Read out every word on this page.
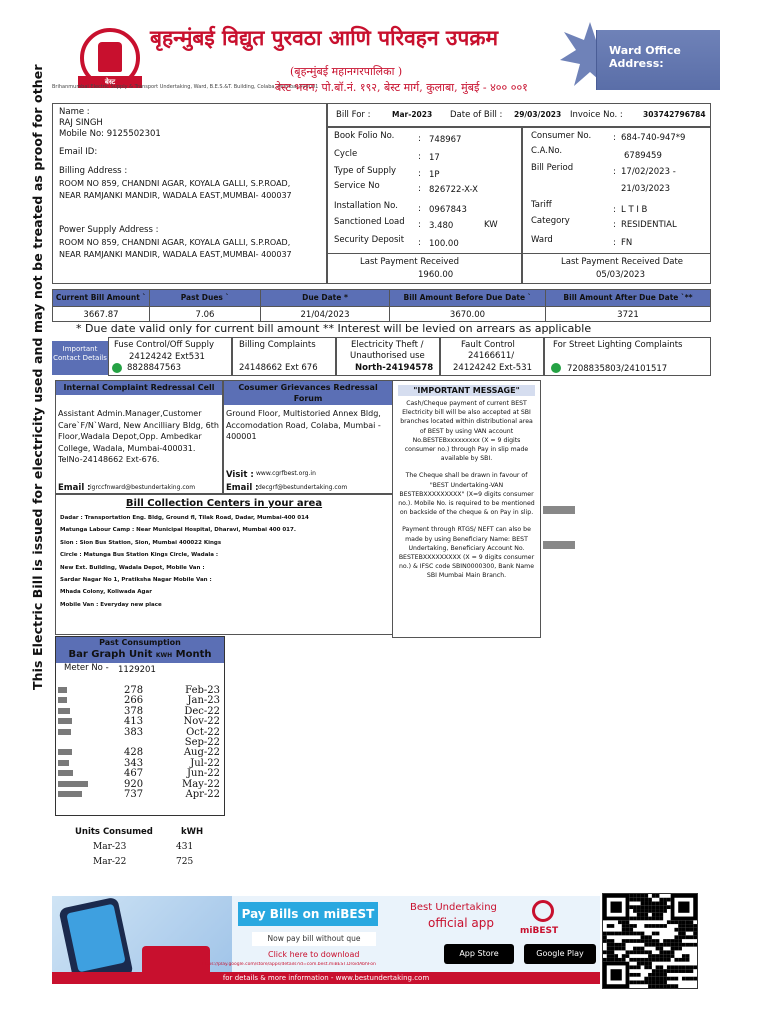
बेस्ट
बृहन्मुंबई विद्युत पुरवठा आणि परिवहन उपक्रम
(बृहन्मुंबई महानगरपालिका )
Brihanmumbai Electric Supply & Transport Undertaking, Ward, B.E.S.&T. Building, Colaba, Mumbai 400001
बेस्ट भवन, पो.बॉ.नं. १९२, बेस्ट मार्ग, कुलाबा, मुंबई - ४०० ००१
Ward Office Address:
This Electric Bill is issued for electricity used and may not be treated as proof for other Name :
RAJ SINGH
Mobile No: 9125502301
Email ID:
Billing Address :
ROOM NO 859, CHANDNI AGAR, KOYALA GALLI, S.P.ROAD,
NEAR RAMJANKI MANDIR, WADALA EAST,MUMBAI- 400037
Power Supply Address :
ROOM NO 859, CHANDNI AGAR, KOYALA GALLI, S.P.ROAD,
NEAR RAMJANKI MANDIR, WADALA EAST,MUMBAI- 400037
Bill For :	Mar-2023 Date of Bill : 29/03/2023 Invoice No. :	303742796784
Book Folio No.	: 748967
Cycle	: 17
Type of Supply	: 1P
Service No	: 826722-X-X
Installation No. : 0967843
Sanctioned Load : 3.480
Security Deposit : 100.00
KW
Consumer No.	: 684-740-947*9
C.A.No.	6789459
Bill Period	: 17/02/2023 -
21/03/2023
Tariff	: L T I B
Category	: RESIDENTIAL
Ward	: FN
Last Payment Received
1960.00
Last Payment Received Date
05/03/2023
Current Bill Amount `	Past Dues `	Due Date *	Bill Amount Before Due Date `	Bill Amount After Due Date `**
3667.87	7.06	21/04/2023	3670.00	3721
* Due date valid only for current bill amount ** Interest will be levied on arrears as applicable
Important Contact Details
Fuse Control/Off Supply
24124242 Ext531
8828847563
Billing Complaints
24148662 Ext 676
Electricity Theft /
Unauthorised use
North-24194578
Fault Control
24166611/
24124242 Ext-531
For Street Lighting Complaints
7208835803/24101517
Internal Complaint Redressal Cell
Assistant Admin.Manager,Customer Care`F/N`Ward, New Ancilliary Bldg, 6th Floor,Wadala Depot,Opp. Ambedkar College, Wadala, Mumbai-400031. TelNo-24148662 Ext-676.
Email : igrccfnward@bestundertaking.com
Cosumer Grievances Redressal Forum
Ground Floor, Multistoried Annex Bldg, Accomodation Road, Colaba, Mumbai - 400001
Visit : www.cgrfbest.org.in
Email : decgrf@bestundertaking.com
Bill Collection Centers in your area
Dadar : Transportation Eng. Bldg, Ground fl, Tilak Road, Dadar, Mumbai-400 014
Matunga Labour Camp : Near Municipal Hospital, Dharavi, Mumbai 400 017.
Sion : Sion Bus Station, Sion, Mumbai 400022 Kings
Circle : Matunga Bus Station Kings Circle, Wadala :
New Ext. Building, Wadala Depot, Mobile Van :
Sardar Nagar No 1, Pratiksha Nagar Mobile Van :
Mhada Colony, Koliwada Agar
Mobile Van : Everyday new place
"IMPORTANT MESSAGE"
Cash/Cheque payment of current BEST Electricity bill will be also accepted at SBI branches located within distributional area of BEST by using VAN account No.BESTEBxxxxxxxxx (X = 9 digits consumer no.) through Pay in slip made available by SBI.
The Cheque shall be drawn in favour of "BEST Undertaking-VAN BESTEBXXXXXXXXX" (X=9 digits consumer no.). Mobile No. is required to be mentioned on backside of the cheque & on Pay in slip.
Payment through RTGS/ NEFT can also be made by using Beneficiary Name: BEST Undertaking, Beneficiary Account No. BESTEBXXXXXXXXX (X = 9 digits consumer no.) & IFSC code SBIN0000300, Bank Name SBI Mumbai Main Branch.
Past Consumption
Bar Graph Unit KWH Month
Meter No - 1129201
278	Feb-23
266	Jan-23
378	Dec-22
413	Nov-22
383	Oct-22
Sep-22
428	Aug-22
343	Jul-22
467	Jun-22
920	May-22
737	Apr-22
Units Consumed	kWH
Mar-23	431
Mar-22	725
Pay Bills on miBEST
Now pay bill without que
Click here to download
https://play.google.com/store/apps/details?id=com.best.miBEST.DroidAbhFon
Best Undertaking
official app
miBEST
App Store	Google Play
for details & more information - www.bestundertaking.com
